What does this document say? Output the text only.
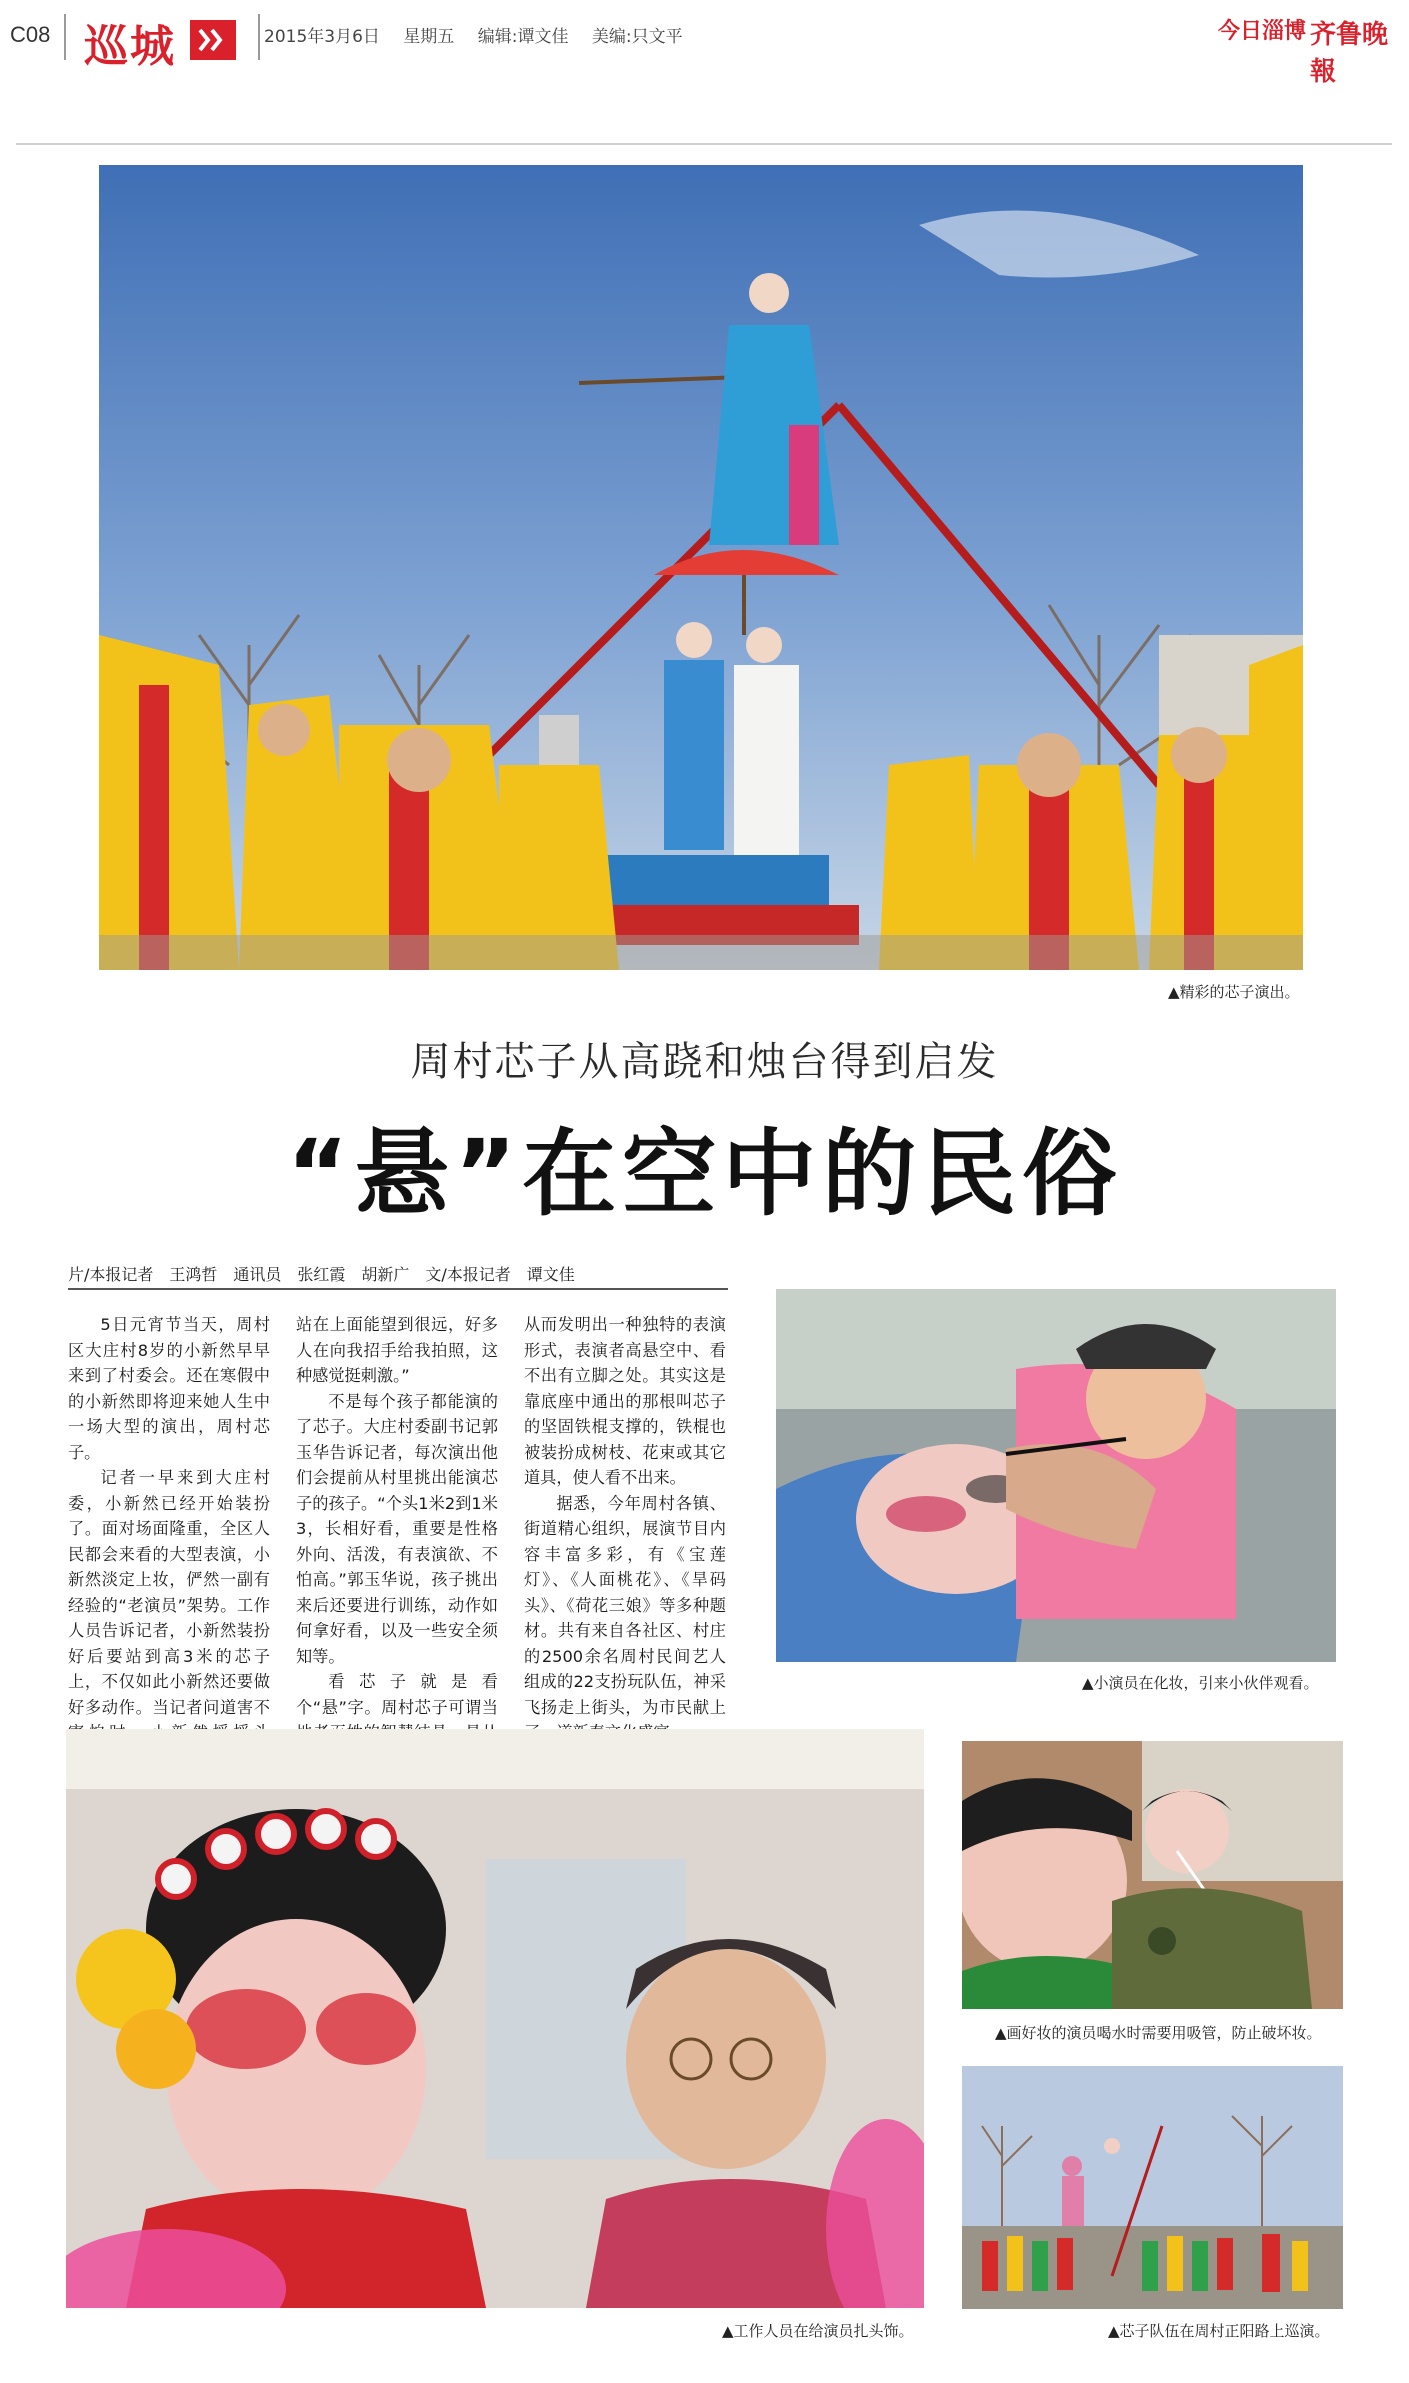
C08 巡城	2015年3月6日 星期五 编辑:谭文佳 美编:只文平	今日淄博 齐鲁晚報
▲精彩的芯子演出。
周村芯子从高跷和烛台得到启发
“悬”在空中的民俗
片/本报记者　王鸿哲　通讯员　张红霞　胡新广　文/本报记者　谭文佳

5日元宵节当天，周村区大庄村8岁的小新然早早来到了村委会。还在寒假中的小新然即将迎来她人生中一场大型的演出，周村芯子。

记者一早来到大庄村委，小新然已经开始装扮了。面对场面隆重，全区人民都会来看的大型表演，小新然淡定上妆，俨然一副有经验的“老演员”架势。工作人员告诉记者，小新然装扮好后要站到高3米的芯子上，不仅如此小新然还要做好多动作。当记者问道害不

站在上面能望到很远，好多人在向我招手给我拍照，这种感觉挺刺激。”

不是每个孩子都能演的了芯子。大庄村委副书记郭玉华告诉记者，每次演出他们会提前从村里挑出能演芯子的孩子。“个头1米2到1米3，长相好看，重要是性格外向、活泼，有表演欲、不怕高。”郭玉华说，孩子挑出来后还要进行训练，动作如何拿好看，以及一些安全须知等。

看芯子就是看个“悬”字。周村芯子可谓当

从而发明出一种独特的表演形式，表演者高悬空中、看不出有立脚之处。其实这是靠底座中通出的那根叫芯子的坚固铁棍支撑的，铁棍也被装扮成树枝、花束或其它道具，使人看不出来。

据悉，今年周村各镇、街道精心组织，展演节目内容丰富多彩，有《宝莲灯》、《人面桃花》、《旱码头》、《荷花三娘》等多种题材。共有来自各社区、村庄的2500余名周村民间艺人组成的22支扮玩队伍，神采飞扬走上街头，为市民献上

▲小演员在化妆，引来小伙伴观看。
▲工作人员在给演员扎头饰。
▲画好妆的演员喝水时需要用吸管，防止破坏妆。
▲芯子队伍在周村正阳路上巡演。
